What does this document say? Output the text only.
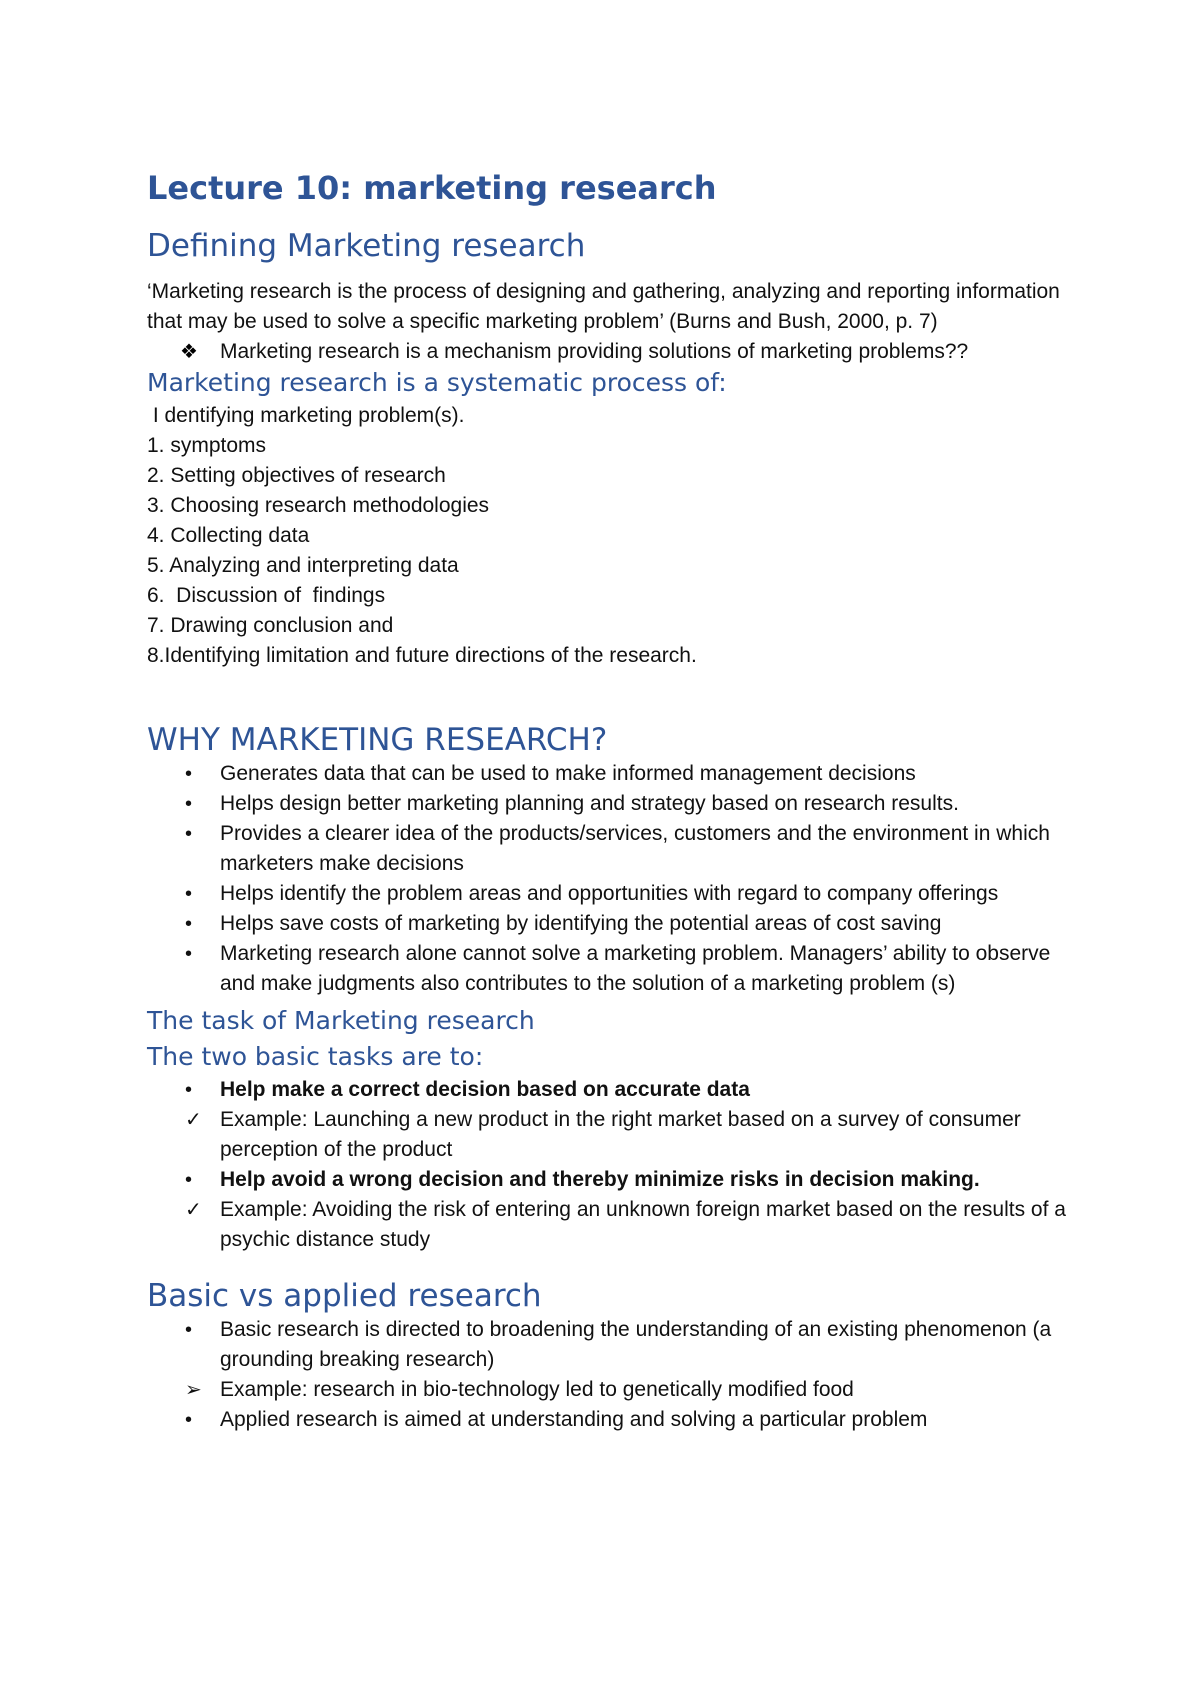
Lecture 10: marketing research
Defining Marketing research

‘Marketing research is the process of designing and gathering, analyzing and reporting information that may be used to solve a specific marketing problem’ (Burns and Bush, 2000, p. 7)

❖ Marketing research is a mechanism providing solutions of marketing problems??

Marketing research is a systematic process of:

I dentifying marketing problem(s).

1. symptoms
2. Setting objectives of research
3. Choosing research methodologies
4. Collecting data
5. Analyzing and interpreting data
6.  Discussion of  findings
7. Drawing conclusion and
8.Identifying limitation and future directions of the research.
WHY MARKETING RESEARCH?
•	Generates data that can be used to make informed management decisions
•	Helps design better marketing planning and strategy based on research results.
•	Provides a clearer idea of the products/services, customers and the environment in which marketers make decisions
•	Helps identify the problem areas and opportunities with regard to company offerings
•	Helps save costs of marketing by identifying the potential areas of cost saving
•	Marketing research alone cannot solve a marketing problem. Managers’ ability to observe and make judgments also contributes to the solution of a marketing problem (s)
The task of Marketing research
The two basic tasks are to:
•	Help make a correct decision based on accurate data
✓ Example: Launching a new product in the right market based on a survey of consumer perception of the product
•	Help avoid a wrong decision and thereby minimize risks in decision making.
✓ Example: Avoiding the risk of entering an unknown foreign market based on the results of a psychic distance study
Basic vs applied research
•	Basic research is directed to broadening the understanding of an existing phenomenon (a grounding breaking research)
➢ Example: research in bio-technology led to genetically modified food
•	Applied research is aimed at understanding and solving a particular problem
